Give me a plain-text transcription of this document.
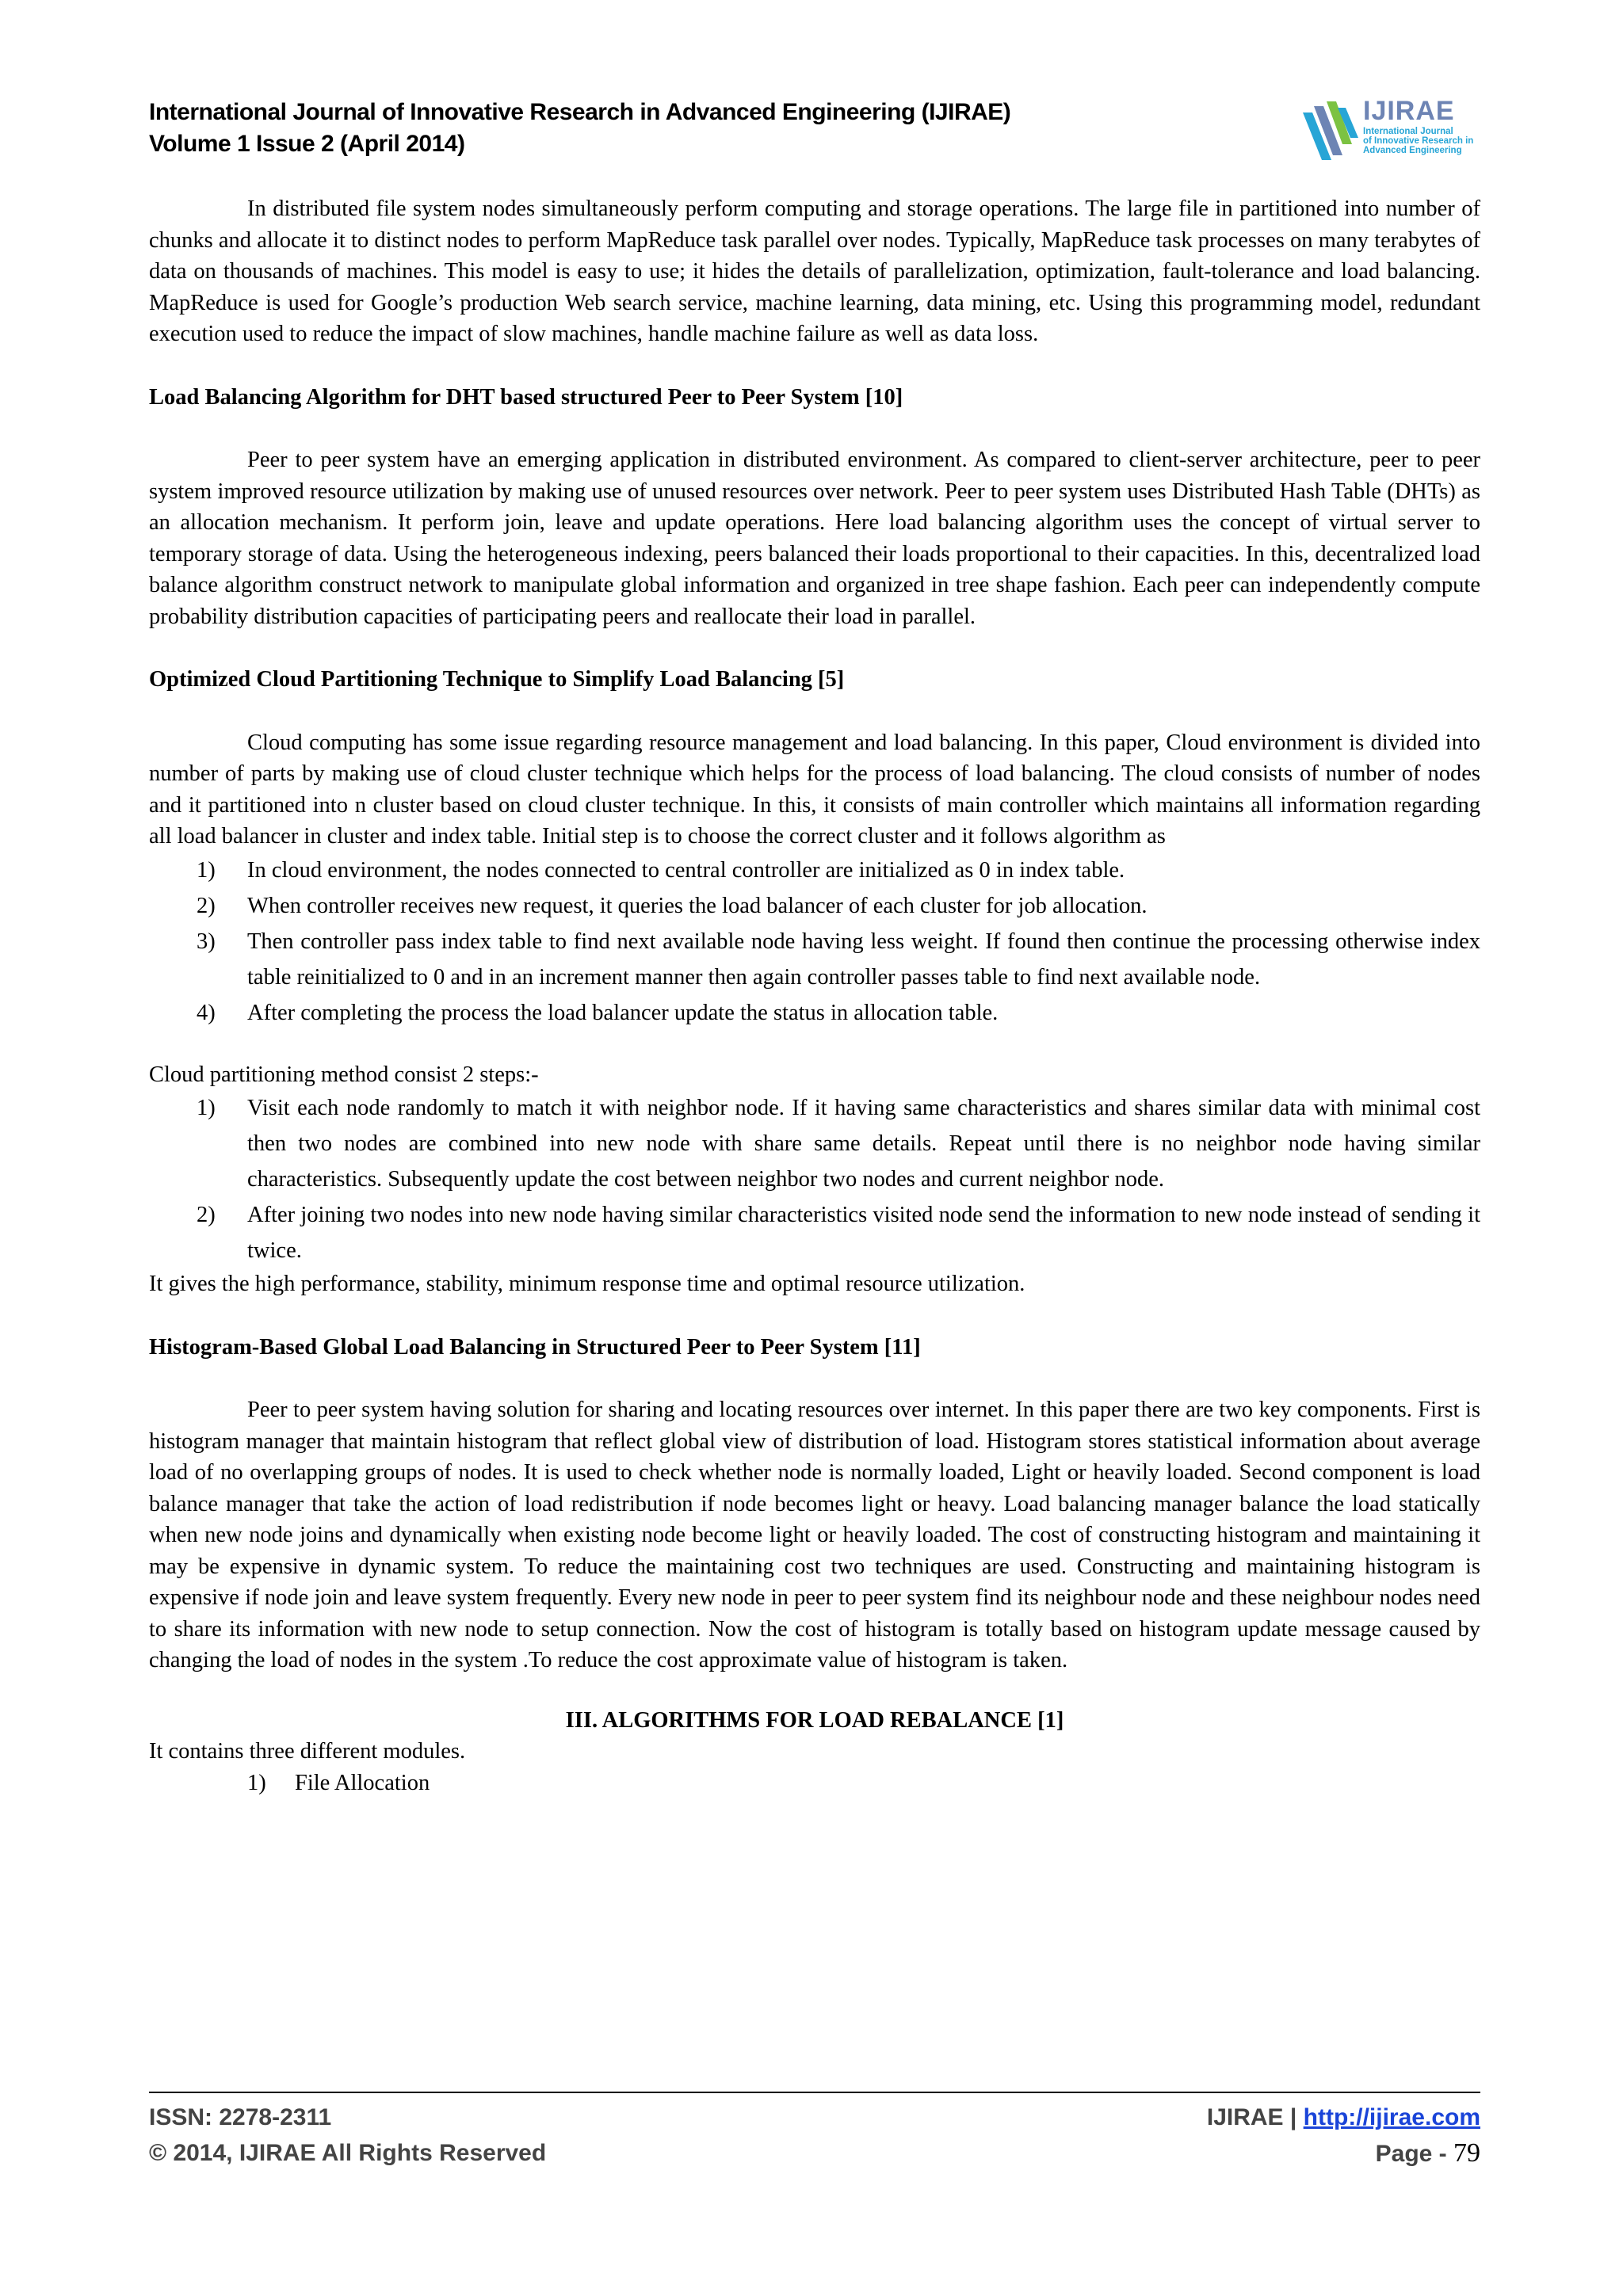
International Journal of Innovative Research in Advanced Engineering (IJIRAE)
Volume 1 Issue 2 (April 2014)
IJIRAE
International Journal
of Innovative Research in
Advanced Engineering

In distributed file system nodes simultaneously perform computing and storage operations. The large file in partitioned into number of chunks and allocate it to distinct nodes to perform MapReduce task parallel over nodes. Typically, MapReduce task processes on many terabytes of data on thousands of machines. This model is easy to use; it hides the details of parallelization, optimization, fault-tolerance and load balancing. MapReduce is used for Google’s production Web search service, machine learning, data mining, etc. Using this programming model, redundant execution used to reduce the impact of slow machines, handle machine failure as well as data loss.

Load Balancing Algorithm for DHT based structured Peer to Peer System [10]

Peer to peer system have an emerging application in distributed environment. As compared to client-server architecture, peer to peer system improved resource utilization by making use of unused resources over network. Peer to peer system uses Distributed Hash Table (DHTs) as an allocation mechanism. It perform join, leave and update operations. Here load balancing algorithm uses the concept of virtual server to temporary storage of data. Using the heterogeneous indexing, peers balanced their loads proportional to their capacities. In this, decentralized load balance algorithm construct network to manipulate global information and organized in tree shape fashion. Each peer can independently compute probability distribution capacities of participating peers and reallocate their load in parallel.

Optimized Cloud Partitioning Technique to Simplify Load Balancing [5]

Cloud computing has some issue regarding resource management and load balancing. In this paper, Cloud environment is divided into number of parts by making use of cloud cluster technique which helps for the process of load balancing. The cloud consists of number of nodes and it partitioned into n cluster based on cloud cluster technique. In this, it consists of main controller which maintains all information regarding all load balancer in cluster and index table. Initial step is to choose the correct cluster and it follows algorithm as

1) In cloud environment, the nodes connected to central controller are initialized as 0 in index table.
2) When controller receives new request, it queries the load balancer of each cluster for job allocation.
3) Then controller pass index table to find next available node having less weight. If found then continue the processing otherwise index table reinitialized to 0 and in an increment manner then again controller passes table to find next available node.
4) After completing the process the load balancer update the status in allocation table.

Cloud partitioning method consist 2 steps:-

1) Visit each node randomly to match it with neighbor node. If it having same characteristics and shares similar data with minimal cost then two nodes are combined into new node with share same details. Repeat until there is no neighbor node having similar characteristics. Subsequently update the cost between neighbor two nodes and current neighbor node.
2) After joining two nodes into new node having similar characteristics visited node send the information to new node instead of sending it twice.

It gives the high performance, stability, minimum response time and optimal resource utilization.

Histogram-Based Global Load Balancing in Structured Peer to Peer System [11]

Peer to peer system having solution for sharing and locating resources over internet. In this paper there are two key components. First is histogram manager that maintain histogram that reflect global view of distribution of load. Histogram stores statistical information about average load of no overlapping groups of nodes. It is used to check whether node is normally loaded, Light or heavily loaded. Second component is load balance manager that take the action of load redistribution if node becomes light or heavy. Load balancing manager balance the load statically when new node joins and dynamically when existing node become light or heavily loaded. The cost of constructing histogram and maintaining it may be expensive in dynamic system. To reduce the maintaining cost two techniques are used. Constructing and maintaining histogram is expensive if node join and leave system frequently. Every new node in peer to peer system find its neighbour node and these neighbour nodes need to share its information with new node to setup connection. Now the cost of histogram is totally based on histogram update message caused by changing the load of nodes in the system .To reduce the cost approximate value of histogram is taken.

III. ALGORITHMS FOR LOAD REBALANCE [1]

It contains three different modules.

1) File Allocation

ISSN: 2278-2311
© 2014, IJIRAE All Rights Reserved
IJIRAE | http://ijirae.com
Page - 79
